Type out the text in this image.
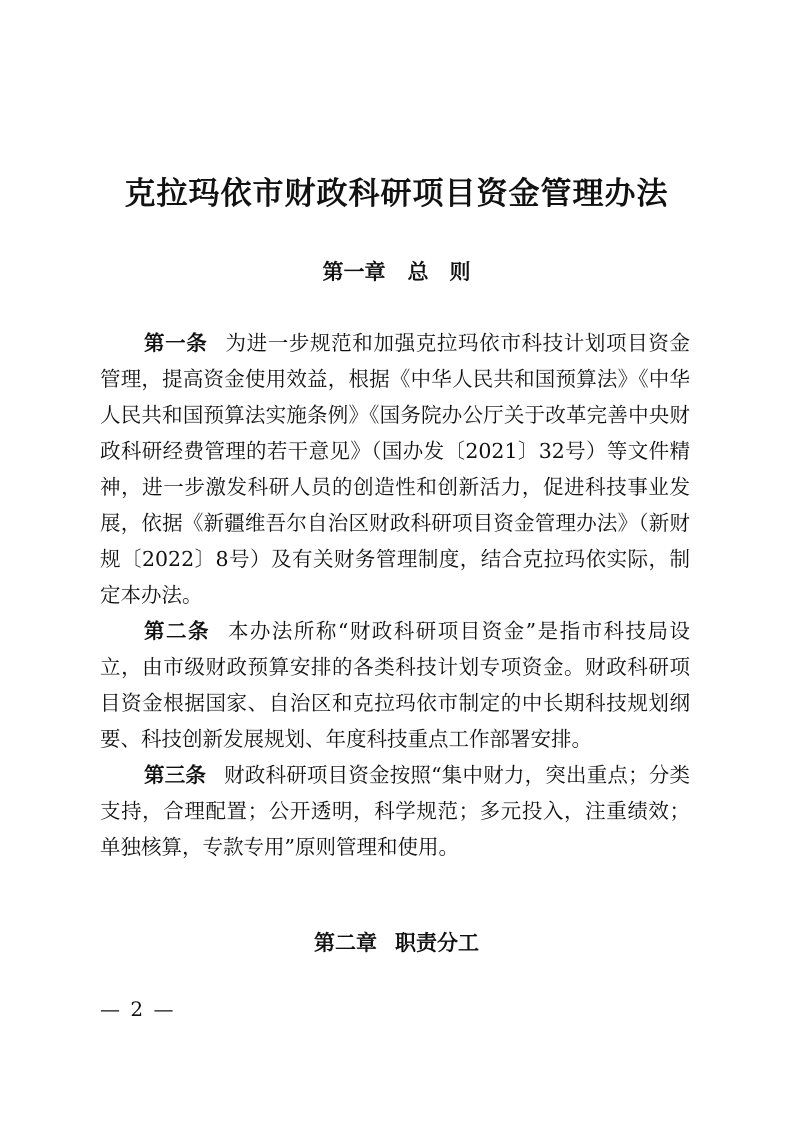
克拉玛依市财政科研项目资金管理办法
第一章 总　则

第一条 为进一步规范和加强克拉玛依市科技计划项目资金管理，提高资金使用效益，根据《中华人民共和国预算法》《中华人民共和国预算法实施条例》《国务院办公厅关于改革完善中央财政科研经费管理的若干意见》（国办发〔2021〕32号）等文件精神，进一步激发科研人员的创造性和创新活力，促进科技事业发展，依据《新疆维吾尔自治区财政科研项目资金管理办法》（新财规〔2022〕8号）及有关财务管理制度，结合克拉玛依实际，制定本办法。

第二条 本办法所称“财政科研项目资金”是指市科技局设立，由市级财政预算安排的各类科技计划专项资金。财政科研项目资金根据国家、自治区和克拉玛依市制定的中长期科技规划纲要、科技创新发展规划、年度科技重点工作部署安排。

第三条 财政科研项目资金按照“集中财力，突出重点；分类支持，合理配置；公开透明，科学规范；多元投入，注重绩效；单独核算，专款专用”原则管理和使用。

第二章 职责分工
— 2 —
